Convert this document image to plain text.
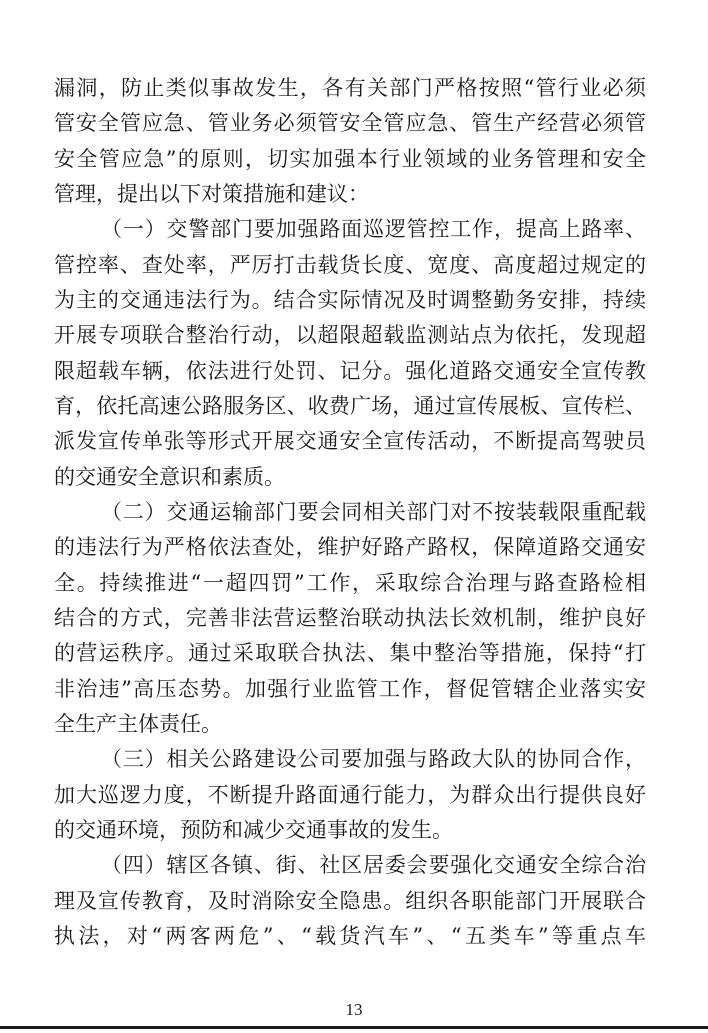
漏洞，防止类似事故发生，各有关部门严格按照“管行业必须
管安全管应急、管业务必须管安全管应急、管生产经营必须管
安全管应急”的原则，切实加强本行业领域的业务管理和安全
管理，提出以下对策措施和建议：
（一）交警部门要加强路面巡逻管控工作，提高上路率、
管控率、查处率，严厉打击载货长度、宽度、高度超过规定的
为主的交通违法行为。结合实际情况及时调整勤务安排，持续
开展专项联合整治行动，以超限超载监测站点为依托，发现超
限超载车辆，依法进行处罚、记分。强化道路交通安全宣传教
育，依托高速公路服务区、收费广场，通过宣传展板、宣传栏、
派发宣传单张等形式开展交通安全宣传活动，不断提高驾驶员
的交通安全意识和素质。
（二）交通运输部门要会同相关部门对不按装载限重配载
的违法行为严格依法查处，维护好路产路权，保障道路交通安
全。持续推进“一超四罚”工作，采取综合治理与路查路检相
结合的方式，完善非法营运整治联动执法长效机制，维护良好
的营运秩序。通过采取联合执法、集中整治等措施，保持“打
非治违”高压态势。加强行业监管工作，督促管辖企业落实安
全生产主体责任。
（三）相关公路建设公司要加强与路政大队的协同合作，
加大巡逻力度，不断提升路面通行能力，为群众出行提供良好
的交通环境，预防和减少交通事故的发生。
（四）辖区各镇、街、社区居委会要强化交通安全综合治
理及宣传教育，及时消除安全隐患。组织各职能部门开展联合
执法，对“两客两危”、“载货汽车”、“五类车”等重点车
13
